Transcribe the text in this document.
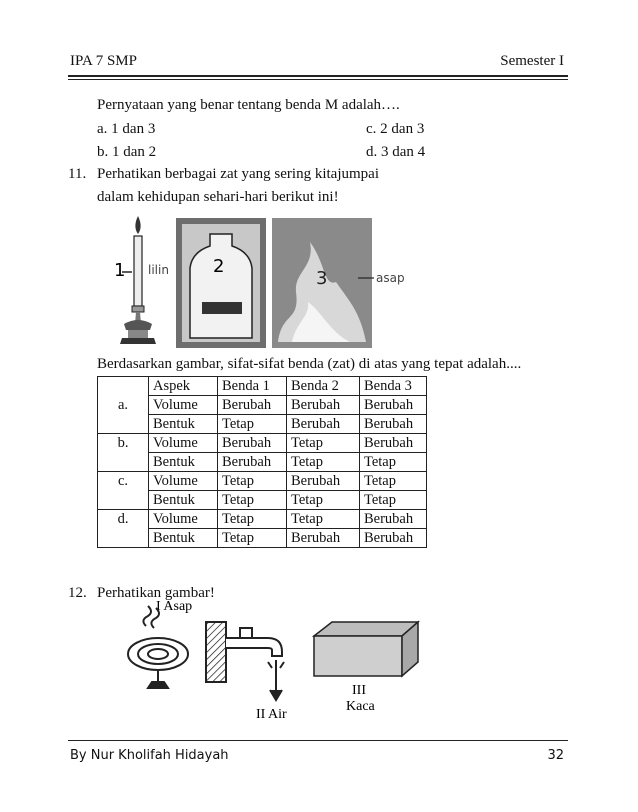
IPA 7 SMP	Semester I
Pernyataan yang benar tentang benda M adalah….
a. 1 dan 3	c. 2 dan 3
b. 1 dan 2	d. 3 dan 4
11. Perhatikan berbagai zat yang sering kitajumpai
dalam kehidupan sehari-hari berikut ini!
1 lilin 2
3	asap
Berdasarkan gambar, sifat-sifat benda (zat) di atas yang tepat adalah....
	Aspek	Benda 1	Benda 2	Benda 3
a.	Volume	Berubah	Berubah	Berubah
	Bentuk	Tetap	Berubah	Berubah
b.	Volume	Berubah	Tetap	Berubah
	Bentuk	Berubah	Tetap	Tetap
c.	Volume	Tetap	Berubah	Tetap
	Bentuk	Tetap	Tetap	Tetap
d.	Volume	Tetap	Tetap	Berubah
	Bentuk	Tetap	Berubah	Berubah
12. Perhatikan gambar!
I Asap
II Air
III
Kaca
By Nur Kholifah Hidayah	32
